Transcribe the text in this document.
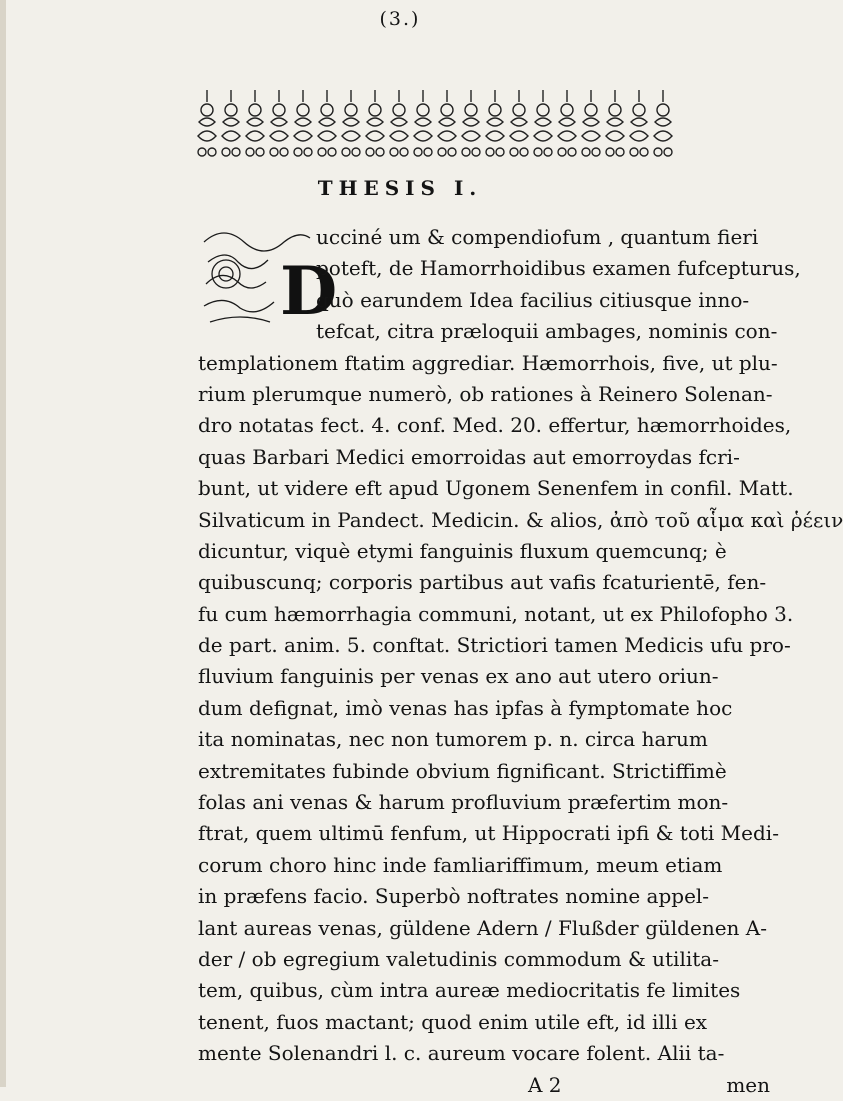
(3.)
THESIS I.
D
ucciné um & compendiofum , quantum fieri
poteft, de Hamorrhoidibus examen fufcepturus,
quò earundem Idea facilius citiusque inno-
tefcat, citra præloquii ambages, nominis con-
templationem ftatim aggrediar. Hæmorrhois, five, ut plu-
rium plerumque numerò, ob rationes à Reinero Solenan-
dro notatas fect. 4. conf. Med. 20. effertur, hæmorrhoides,
quas Barbari Medici emorroidas aut emorroydas fcri-
bunt, ut videre eft apud Ugonem Senenfem in confil. Matt.
Silvaticum in Pandect. Medicin. & alios, ἀπὸ τοῦ αἷμα καὶ ῥέειν
dicuntur, viquè etymi fanguinis fluxum quemcunq; è
quibuscunq; corporis partibus aut vafis fcaturientē, fen-
fu cum hæmorrhagia communi, notant, ut ex Philofopho 3.
de part. anim. 5. conftat. Strictiori tamen Medicis ufu pro-
fluvium fanguinis per venas ex ano aut utero oriun-
dum defignat, imò venas has ipfas à fymptomate hoc
ita nominatas, nec non tumorem p. n. circa harum
extremitates fubinde obvium fignificant. Strictiffimè
folas ani venas & harum profluvium præfertim mon-
ftrat, quem ultimū fenfum, ut Hippocrati ipfi & toti Medi-
corum choro hinc inde famliariffimum, meum etiam
in præfens facio. Superbò noftrates nomine appel-
lant aureas venas, güldene Adern / Flußder güldenen A-
der / ob egregium valetudinis commodum & utilita-
tem, quibus, cùm intra aureæ mediocritatis fe limites
tenent, fuos mactant; quod enim utile eft, id illi ex
mente Solenandri l. c. aureum vocare folent. Alii ta-
A 2	men
